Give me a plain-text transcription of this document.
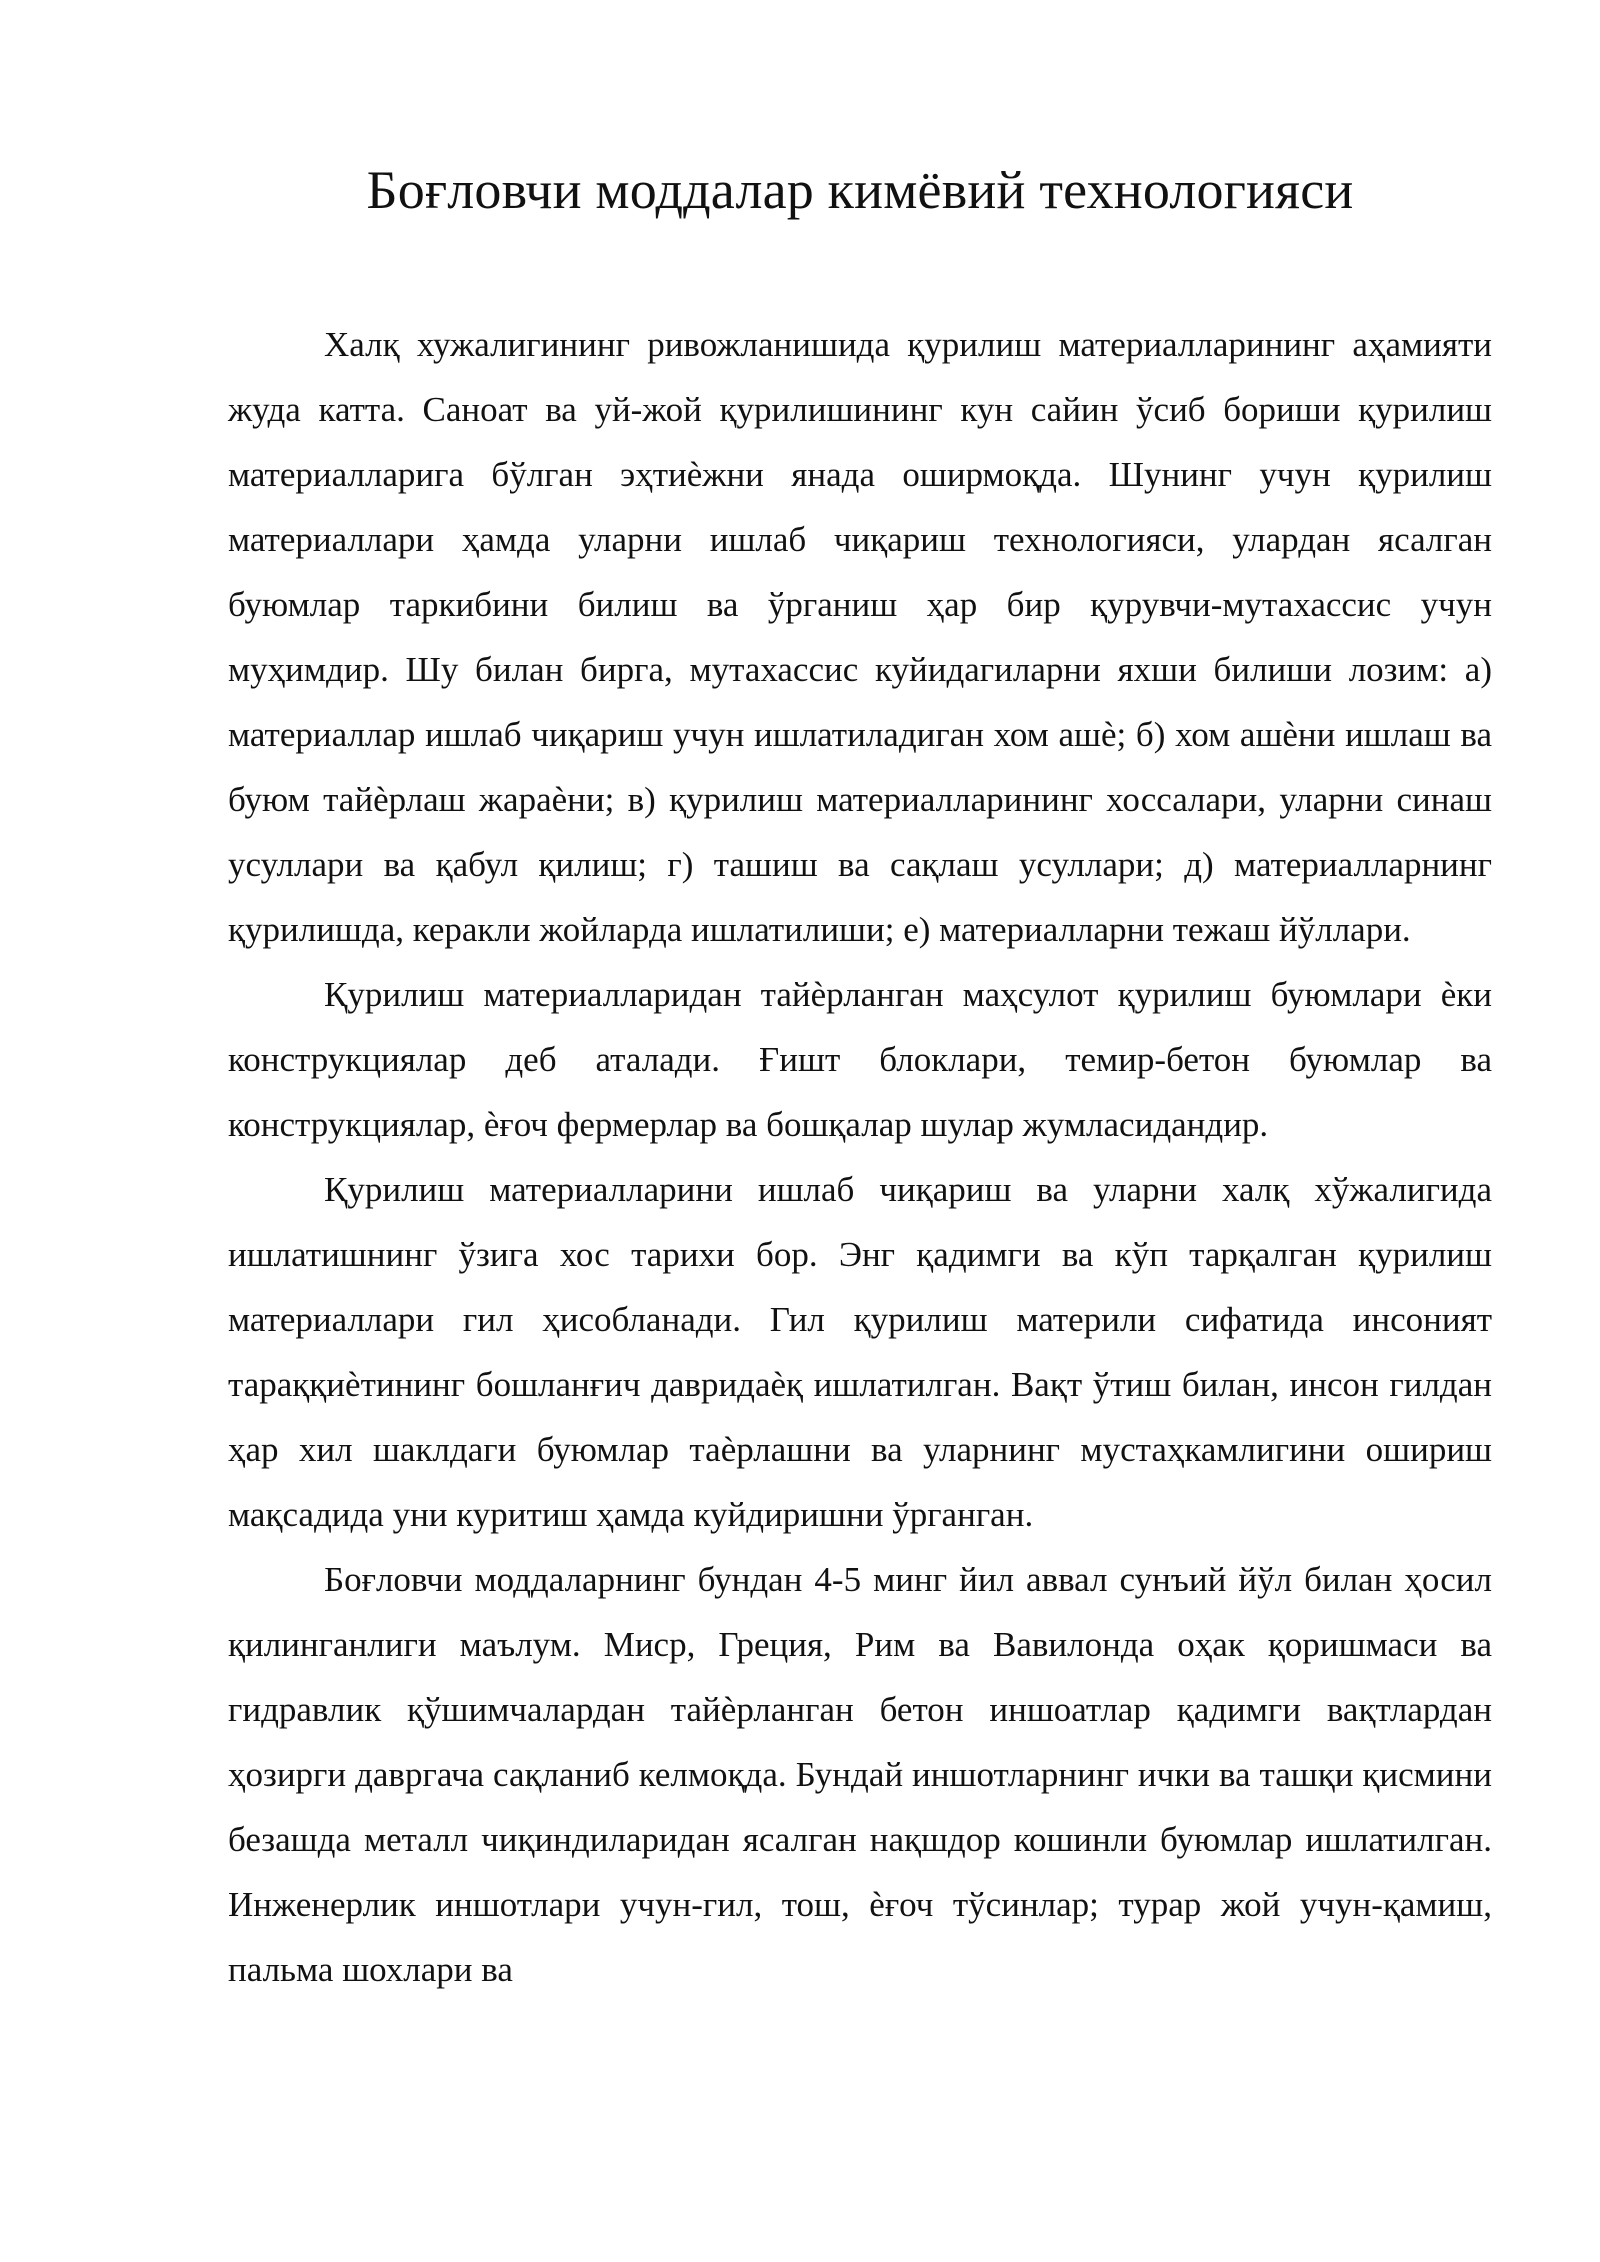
Боғловчи моддалар кимёвий технологияси

Халқ хужалигининг ривожланишида қурилиш материалларининг аҳамияти жуда катта. Саноат ва уй-жой қурилишининг кун сайин ўсиб бориши қурилиш материалларига бўлган эҳтиѐжни янада оширмоқда. Шунинг учун қурилиш материаллари ҳамда уларни ишлаб чиқариш технологияси, улардан ясалган буюмлар таркибини билиш ва ўрганиш ҳар бир қурувчи-мутахассис учун муҳимдир. Шу билан бирга, мутахассис куйидагиларни яхши билиши лозим: а) материаллар ишлаб чиқариш учун ишлатиладиган хом ашѐ; б) хом ашѐни ишлаш ва буюм тайѐрлаш жараѐни; в) қурилиш материалларининг хоссалари, уларни синаш усуллари ва қабул қилиш; г) ташиш ва сақлаш усуллари; д) материалларнинг қурилишда, керакли жойларда ишлатилиши; е) материалларни тежаш йўллари.

Қурилиш материалларидан тайѐрланган маҳсулот қурилиш буюмлари ѐки конструкциялар деб аталади. Ғишт блоклари, темир-бетон буюмлар ва конструкциялар, ѐғоч фермерлар ва бошқалар шулар жумласидандир.

Қурилиш материалларини ишлаб чиқариш ва уларни халқ хўжалигида ишлатишнинг ўзига хос тарихи бор. Энг қадимги ва кўп тарқалган қурилиш материаллари гил ҳисобланади. Гил қурилиш материли сифатида инсоният тараққиѐтининг бошланғич давридаѐқ ишлатилган. Вақт ўтиш билан, инсон гилдан ҳар хил шаклдаги буюмлар таѐрлашни ва уларнинг мустаҳкамлигини ошириш мақсадида уни куритиш ҳамда куйдиришни ўрганган.

Боғловчи моддаларнинг бундан 4-5 минг йил аввал сунъий йўл билан ҳосил қилинганлиги маълум. Миср, Греция, Рим ва Вавилонда оҳак қоришмаси ва гидравлик қўшимчалардан тайѐрланган бетон иншоатлар қадимги вақтлардан ҳозирги давргача сақланиб келмоқда. Бундай иншотларнинг ички ва ташқи қисмини безашда металл чиқиндиларидан ясалган нақшдор кошинли буюмлар ишлатилган. Инженерлик иншотлари учун-гил, тош, ѐғоч тўсинлар; турар жой учун-қамиш, пальма шохлари ва
